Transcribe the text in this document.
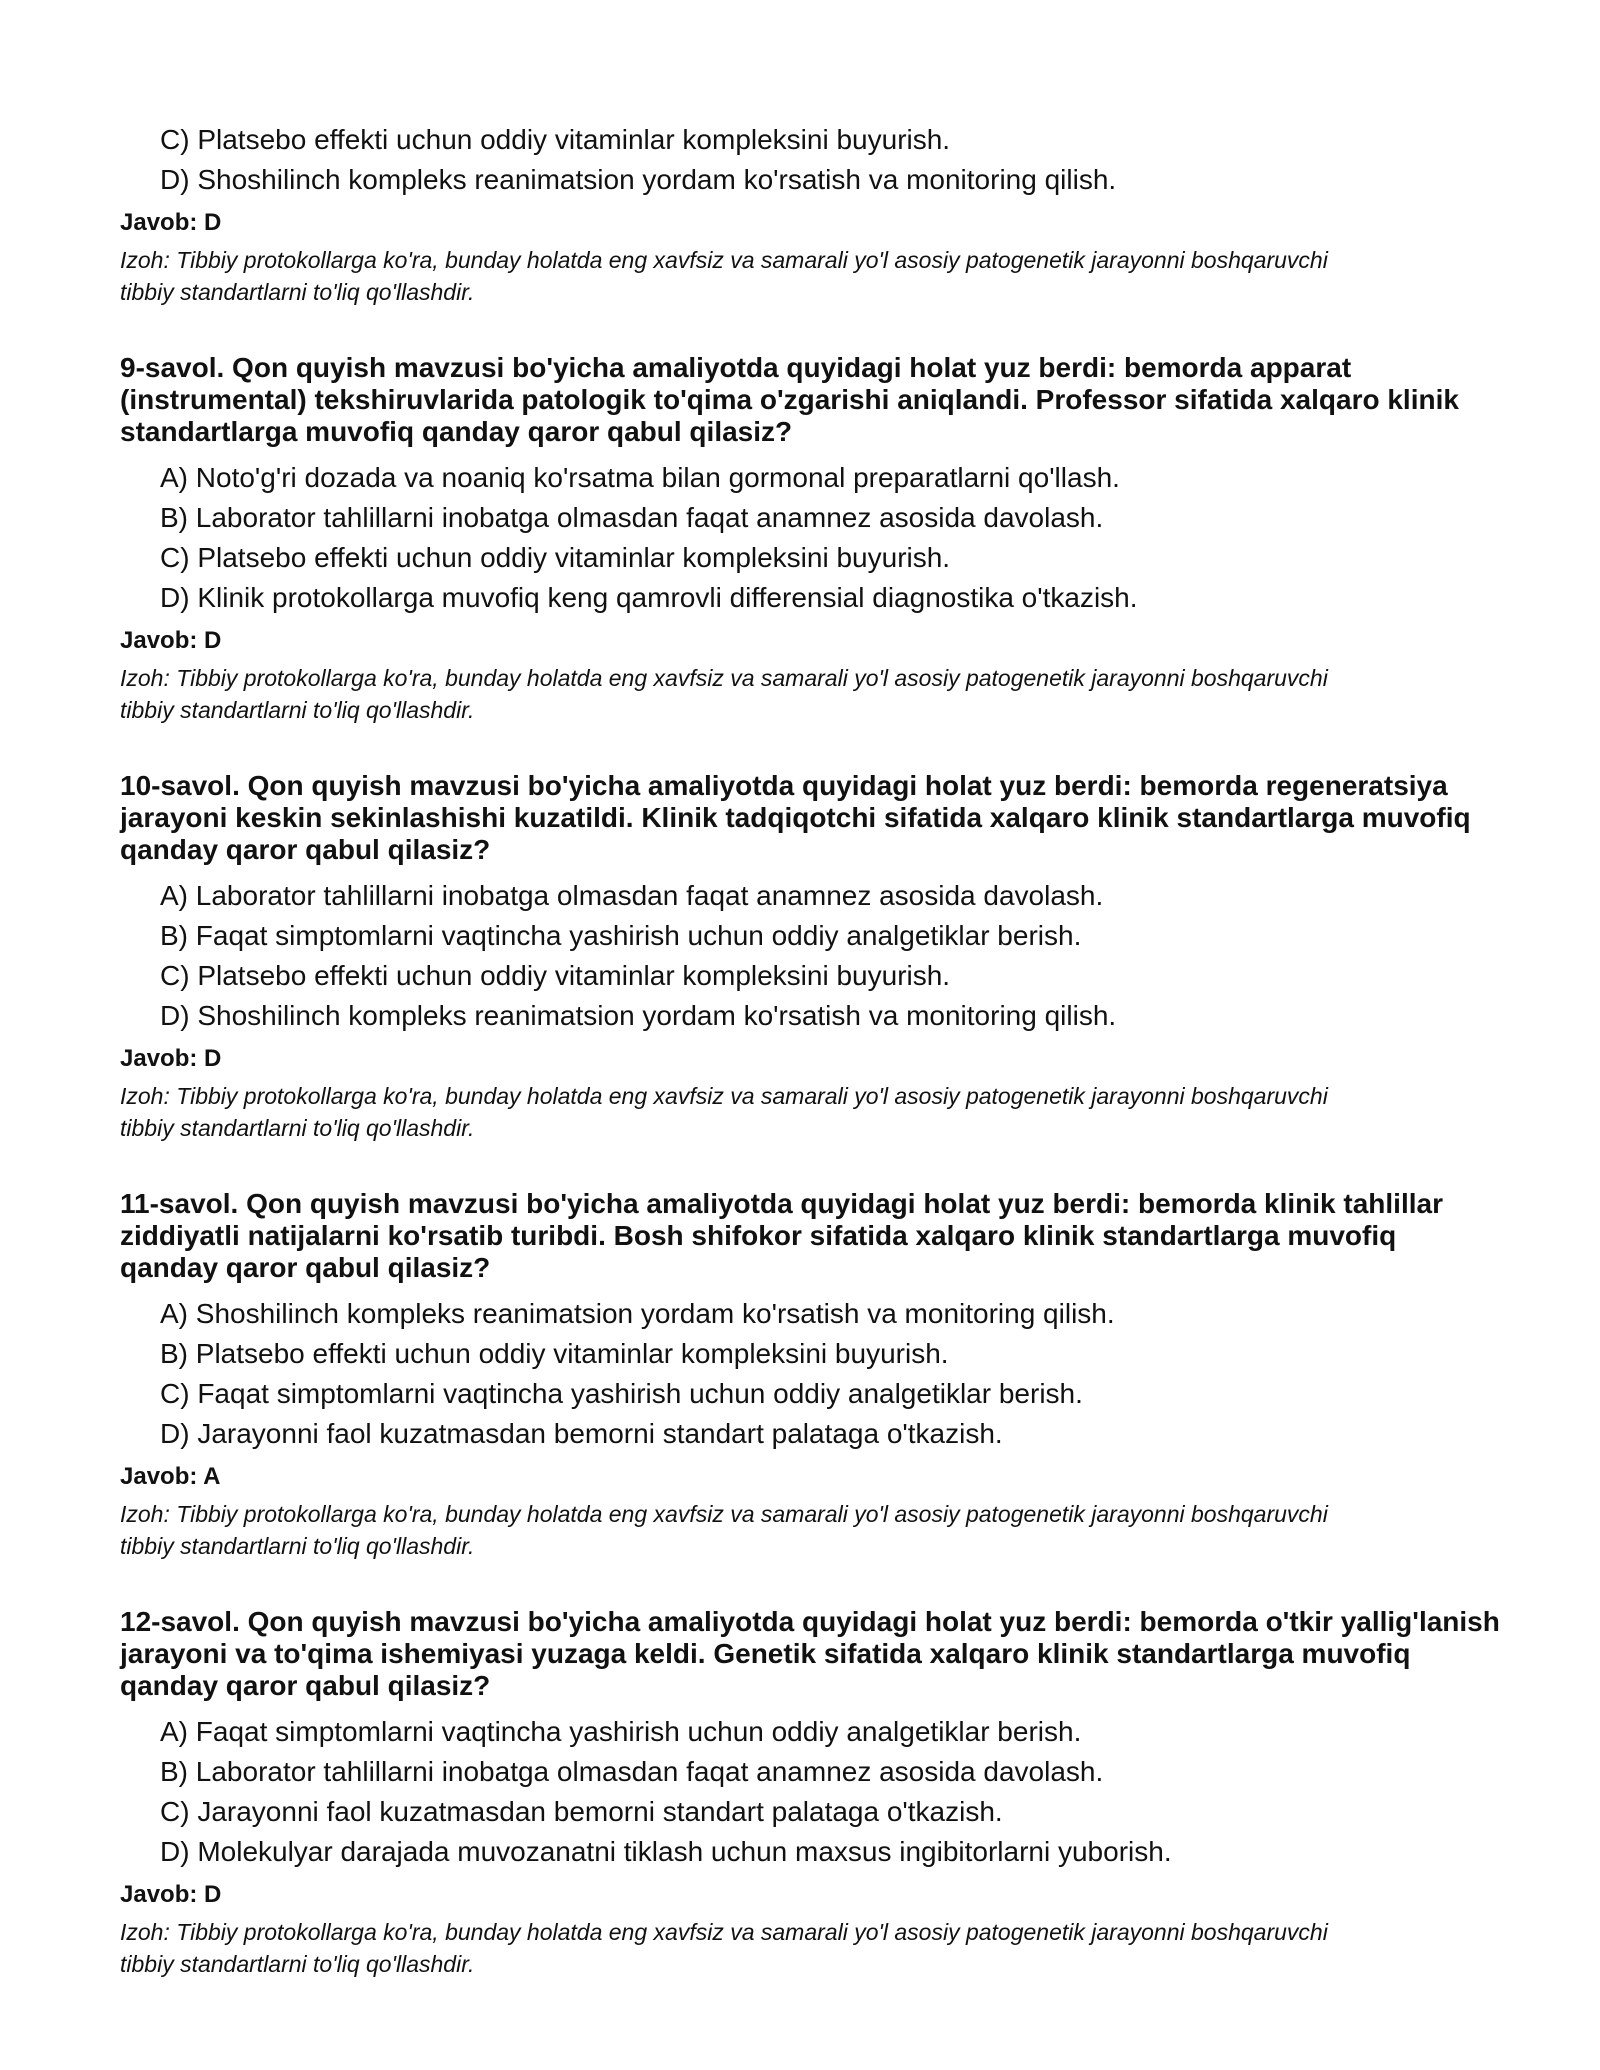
C) Platsebo effekti uchun oddiy vitaminlar kompleksini buyurish.
D) Shoshilinch kompleks reanimatsion yordam ko'rsatish va monitoring qilish.
Javob: D
Izoh: Tibbiy protokollarga ko'ra, bunday holatda eng xavfsiz va samarali yo'l asosiy patogenetik jarayonni boshqaruvchi tibbiy standartlarni to'liq qo'llashdir.
9-savol. Qon quyish mavzusi bo'yicha amaliyotda quyidagi holat yuz berdi: bemorda apparat (instrumental) tekshiruvlarida patologik to'qima o'zgarishi aniqlandi. Professor sifatida xalqaro klinik standartlarga muvofiq qanday qaror qabul qilasiz?
A) Noto'g'ri dozada va noaniq ko'rsatma bilan gormonal preparatlarni qo'llash.
B) Laborator tahlillarni inobatga olmasdan faqat anamnez asosida davolash.
C) Platsebo effekti uchun oddiy vitaminlar kompleksini buyurish.
D) Klinik protokollarga muvofiq keng qamrovli differensial diagnostika o'tkazish.
Javob: D
Izoh: Tibbiy protokollarga ko'ra, bunday holatda eng xavfsiz va samarali yo'l asosiy patogenetik jarayonni boshqaruvchi tibbiy standartlarni to'liq qo'llashdir.
10-savol. Qon quyish mavzusi bo'yicha amaliyotda quyidagi holat yuz berdi: bemorda regeneratsiya jarayoni keskin sekinlashishi kuzatildi. Klinik tadqiqotchi sifatida xalqaro klinik standartlarga muvofiq qanday qaror qabul qilasiz?
A) Laborator tahlillarni inobatga olmasdan faqat anamnez asosida davolash.
B) Faqat simptomlarni vaqtincha yashirish uchun oddiy analgetiklar berish.
C) Platsebo effekti uchun oddiy vitaminlar kompleksini buyurish.
D) Shoshilinch kompleks reanimatsion yordam ko'rsatish va monitoring qilish.
Javob: D
Izoh: Tibbiy protokollarga ko'ra, bunday holatda eng xavfsiz va samarali yo'l asosiy patogenetik jarayonni boshqaruvchi tibbiy standartlarni to'liq qo'llashdir.
11-savol. Qon quyish mavzusi bo'yicha amaliyotda quyidagi holat yuz berdi: bemorda klinik tahlillar ziddiyatli natijalarni ko'rsatib turibdi. Bosh shifokor sifatida xalqaro klinik standartlarga muvofiq qanday qaror qabul qilasiz?
A) Shoshilinch kompleks reanimatsion yordam ko'rsatish va monitoring qilish.
B) Platsebo effekti uchun oddiy vitaminlar kompleksini buyurish.
C) Faqat simptomlarni vaqtincha yashirish uchun oddiy analgetiklar berish.
D) Jarayonni faol kuzatmasdan bemorni standart palataga o'tkazish.
Javob: A
Izoh: Tibbiy protokollarga ko'ra, bunday holatda eng xavfsiz va samarali yo'l asosiy patogenetik jarayonni boshqaruvchi tibbiy standartlarni to'liq qo'llashdir.
12-savol. Qon quyish mavzusi bo'yicha amaliyotda quyidagi holat yuz berdi: bemorda o'tkir yallig'lanish jarayoni va to'qima ishemiyasi yuzaga keldi. Genetik sifatida xalqaro klinik standartlarga muvofiq qanday qaror qabul qilasiz?
A) Faqat simptomlarni vaqtincha yashirish uchun oddiy analgetiklar berish.
B) Laborator tahlillarni inobatga olmasdan faqat anamnez asosida davolash.
C) Jarayonni faol kuzatmasdan bemorni standart palataga o'tkazish.
D) Molekulyar darajada muvozanatni tiklash uchun maxsus ingibitorlarni yuborish.
Javob: D
Izoh: Tibbiy protokollarga ko'ra, bunday holatda eng xavfsiz va samarali yo'l asosiy patogenetik jarayonni boshqaruvchi tibbiy standartlarni to'liq qo'llashdir.
